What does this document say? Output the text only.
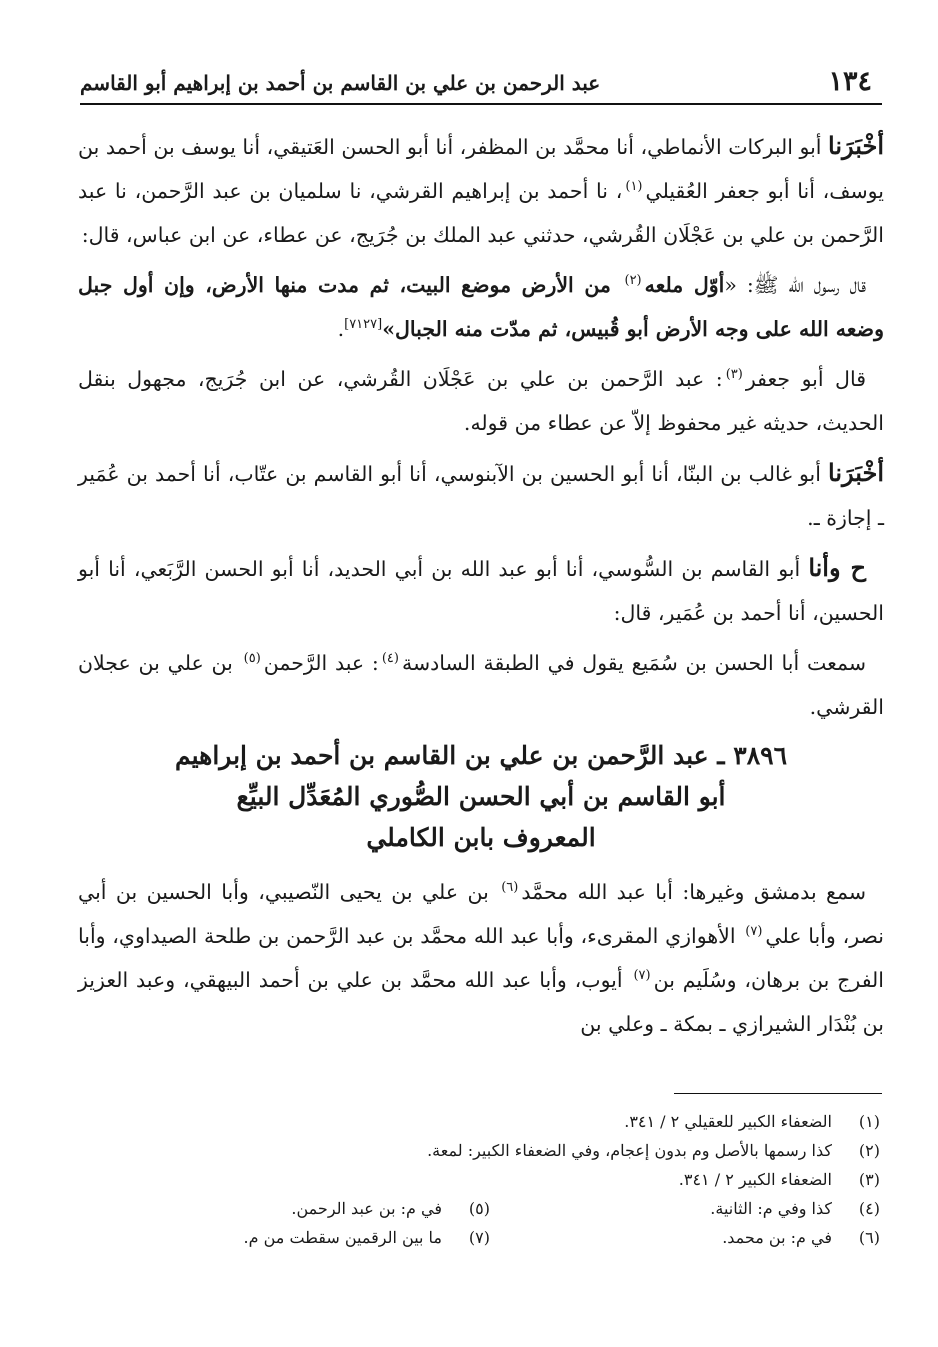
١٣٤
عبد الرحمن بن علي بن القاسم بن أحمد بن إبراهيم أبو القاسم

أخْبَرَنا أبو البركات الأنماطي، أنا محمَّد بن المظفر، أنا أبو الحسن العَتيقي، أنا يوسف بن أحمد بن يوسف، أنا أبو جعفر العُقيلي$^{(١)}$، نا أحمد بن إبراهيم القرشي، نا سلميان بن عبد الرَّحمن، نا عبد الرَّحمن بن علي بن عَجْلَان القُرشي، حدثني عبد الملك بن جُرَيج، عن عطاء، عن ابن عباس، قال:

قال رسول الله ﷺ: «أوّل ملعه$^{(٢)}$ من الأرض موضع البيت، ثم مدت منها الأرض، وإن أول جبل وضعه الله على وجه الأرض أبو قُبيس، ثم مدّت منه الجبال»[٧١٢٧].

قال أبو جعفر$^{(٣)}$: عبد الرَّحمن بن علي بن عَجْلَان القُرشي، عن ابن جُرَيج، مجهول بنقل الحديث، حديثه غير محفوظ إلاّ عن عطاء من قوله.

أخْبَرَنا أبو غالب بن البنّا، أنا أبو الحسين بن الآبنوسي، أنا أبو القاسم بن عتّاب، أنا أحمد بن عُمَير ـ إجازة ـ.

ح وأنا أبو القاسم بن السُّوسي، أنا أبو عبد الله بن أبي الحديد، أنا أبو الحسن الرَّبَعي، أنا أبو الحسين، أنا أحمد بن عُمَير، قال:

سمعت أبا الحسن بن سُمَيع يقول في الطبقة السادسة$^{(٤)}$: عبد الرَّحمن$^{(٥)}$ بن علي بن عجلان القرشي.

٣٨٩٦ ـ عبد الرَّحمن بن علي بن القاسم بن أحمد بن إبراهيم
أبو القاسم بن أبي الحسن الصُّوري المُعَدِّل البيِّع
المعروف بابن الكاملي

سمع بدمشق وغيرها: أبا عبد الله محمَّد$^{(٦)}$ بن علي بن يحيى النّصيبي، وأبا الحسين بن أبي نصر، وأبا علي$^{(٧)}$ الأهوازي المقرىء، وأبا عبد الله محمَّد بن عبد الرَّحمن بن طلحة الصيداوي، وأبا الفرج بن برهان، وسُلَيم بن$^{(٧)}$ أيوب، وأبا عبد الله محمَّد بن علي بن أحمد البيهقي، وعبد العزيز بن بُنْدَار الشيرازي ـ بمكة ـ وعلي بن

(١)
الضعفاء الكبير للعقيلي ٢ / ٣٤١.
(٢)
كذا رسمها بالأصل وم بدون إعجام، وفي الضعفاء الكبير: لمعة.
(٣)
الضعفاء الكبير ٢ / ٣٤١.
(٤)
كذا وفي م: الثانية.
(٥)
في م: بن عبد الرحمن.
(٦)
في م: بن محمد.
(٧)
ما بين الرقمين سقطت من م.
